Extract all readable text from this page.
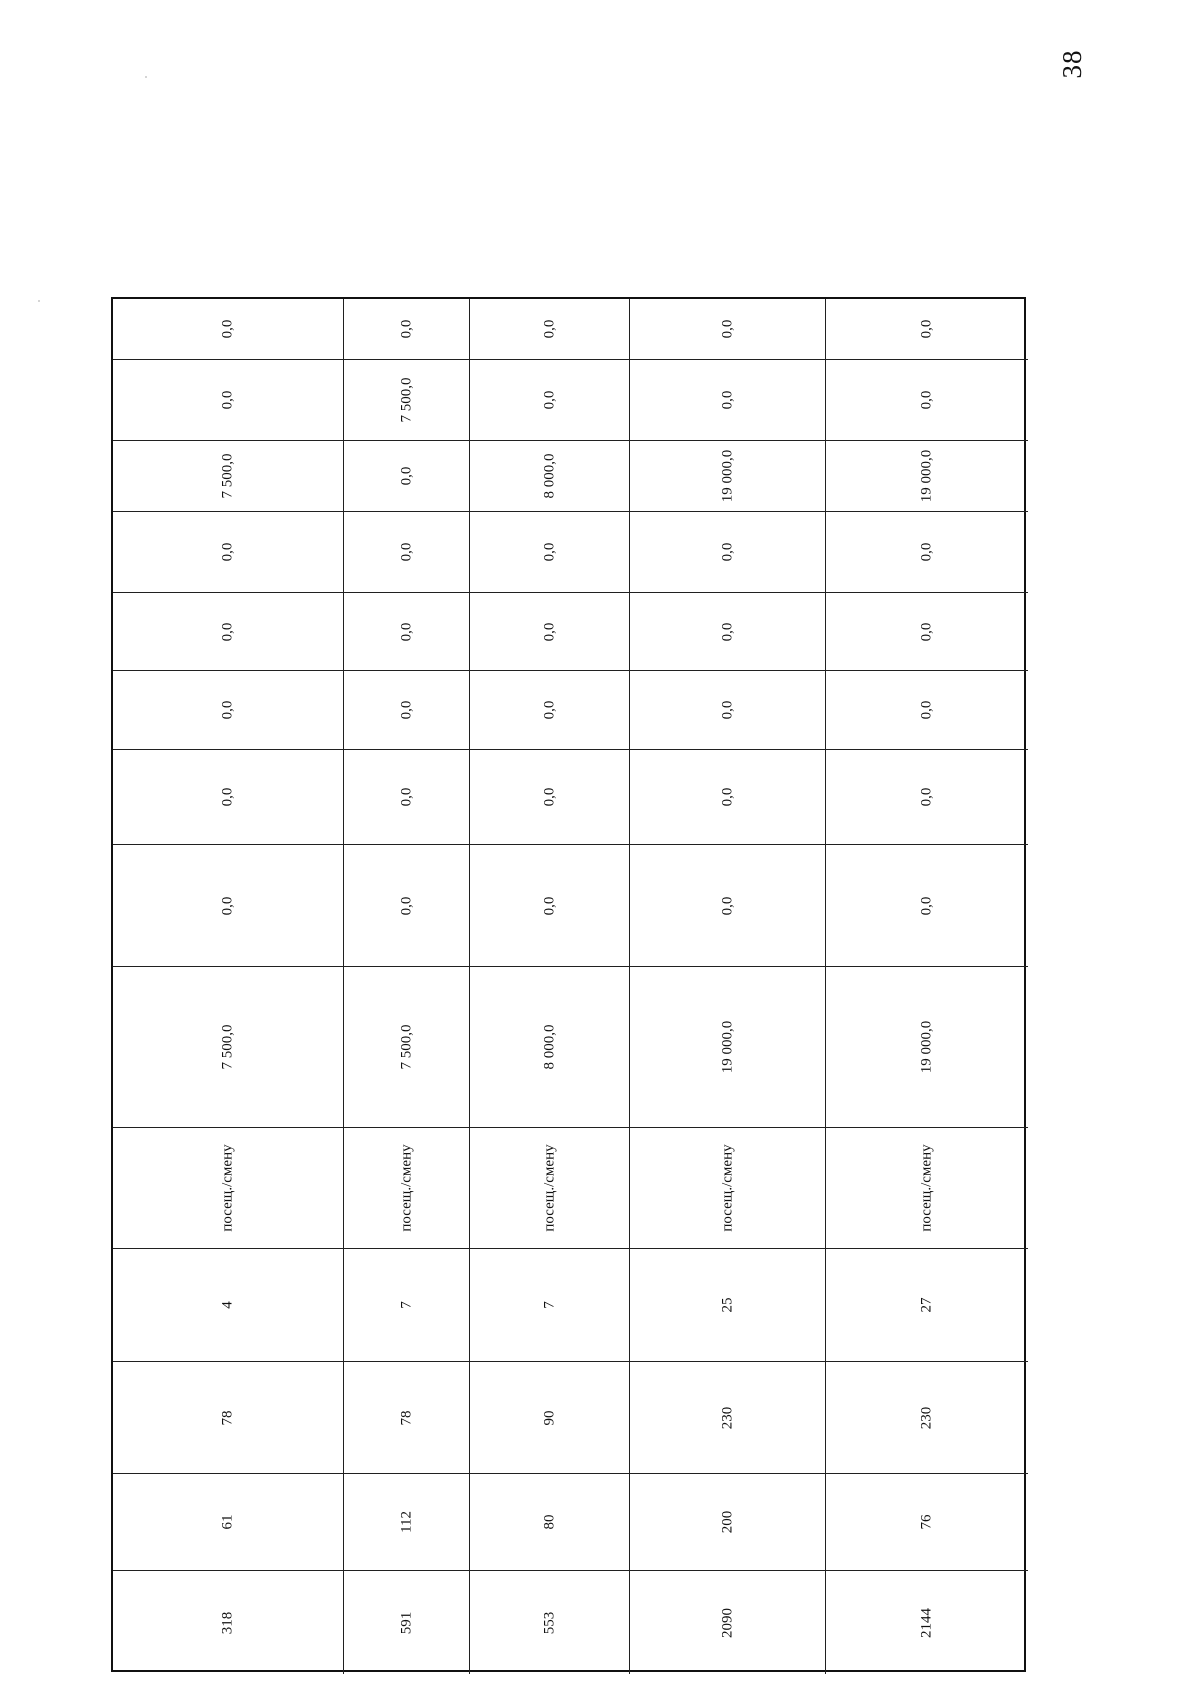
38
0,0
0,0
7 500,0
0,0
0,0
0,0
0,0
0,0
7 500,0
посещ./смену
4
78
61
318
0,0
7 500,0
0,0
0,0
0,0
0,0
0,0
0,0
7 500,0
посещ./смену
7
78
112
591
0,0
0,0
8 000,0
0,0
0,0
0,0
0,0
0,0
8 000,0
посещ./смену
7
90
80
553
0,0
0,0
19 000,0
0,0
0,0
0,0
0,0
0,0
19 000,0
посещ./смену
25
230
200
2090
0,0
0,0
19 000,0
0,0
0,0
0,0
0,0
0,0
19 000,0
посещ./смену
27
230
76
2144
